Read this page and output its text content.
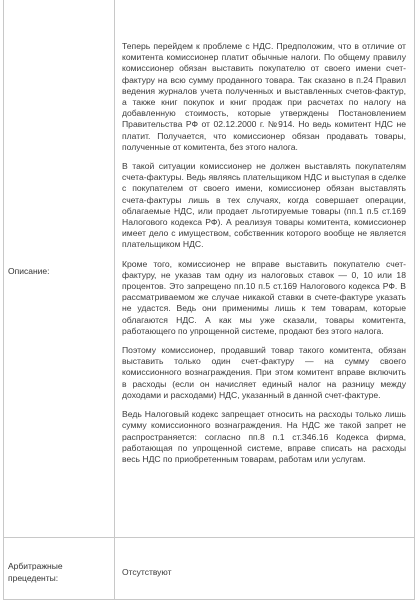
Описание:

Теперь перейдем к проблеме с НДС. Предположим, что в отличие от комитента комиссионер платит обычные налоги. По общему правилу комиссионер обязан выставить покупателю от своего имени счет-фактуру на всю сумму проданного товара. Так сказано в п.24 Правил ведения журналов учета полученных и выставленных счетов-фактур, а также книг покупок и книг продаж при расчетах по налогу на добавленную стоимость, которые утверждены Постановлением Правительства РФ от 02.12.2000 г. №914. Но ведь комитент НДС не платит. Получается, что комиссионер обязан продавать товары, полученные от комитента, без этого налога.

В такой ситуации комиссионер не должен выставлять покупателям счета-фактуры. Ведь являясь плательщиком НДС и выступая в сделке с покупателем от своего имени, комиссионер обязан выставлять счета-фактуры лишь в тех случаях, когда совершает операции, облагаемые НДС, или продает льготируемые товары (пп.1 п.5 ст.169 Налогового кодекса РФ). А реализуя товары комитента, комиссионер имеет дело с имуществом, собственник которого вообще не является плательщиком НДС.

Кроме того, комиссионер не вправе выставить покупателю счет-фактуру, не указав там одну из налоговых ставок — 0, 10 или 18 процентов. Это запрещено пп.10 п.5 ст.169 Налогового кодекса РФ. В рассматриваемом же случае никакой ставки в счете-фактуре указать не удастся. Ведь они применимы лишь к тем товарам, которые облагаются НДС. А как мы уже сказали, товары комитента, работающего по упрощенной системе, продают без этого налога.

Поэтому комиссионер, продавший товар такого комитента, обязан выставить только один счет-фактуру — на сумму своего комиссионного вознаграждения. При этом комитент вправе включить в расходы (если он начисляет единый налог на разницу между доходами и расходами) НДС, указанный в данной счет-фактуре.

Ведь Налоговый кодекс запрещает относить на расходы только лишь сумму комиссионного вознаграждения. На НДС же такой запрет не распространяется: согласно пп.8 п.1 ст.346.16 Кодекса фирма, работающая по упрощенной системе, вправе списать на расходы весь НДС по приобретенным товарам, работам или услугам.

Арбитражные прецеденты:
Отсутствуют
